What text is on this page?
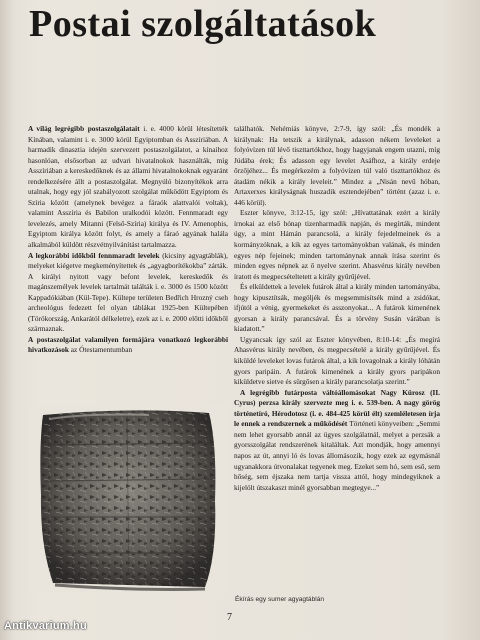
Postai szolgáltatások

A világ legrégibb postaszolgálatait i. e. 4000 körül létesítették Kínában, valamint i. e. 3000 körül Egyiptomban és Asszíriában. A harmadik dinasztia idején szervezett postaszolgálatot, a kínaihoz hasonlóan, elsősorban az udvari hivatalnokok használták, míg Asszíriában a kereskedőknek és az állami hivatalnokoknak egyaránt rendelkezésére állt a postaszolgálat. Megnyúló bizonyítékok arra utalnak, hogy egy jól szabályozott szolgálat működött Egyiptom és Szíria között (amelynek bevégez a fáraók alattvalói voltak), valamint Asszíria és Babilon uralkodói között. Fennmaradt egy levelezés, amely Mitanni (Felső-Szíria) királya és IV. Amenophis, Egyiptom királya között folyt, és amely a fáraó agyának halála alkalmából küldött részvétnyilvánítást tartalmazza.

A legkorábbi időkből fennmaradt levelek (kicsiny agyagtáblák), melyeket kiégetve megkeményítettek és „agyagborítékokba” zárták. A királyi nyitott vagy befont levelek, kereskedők és magánszemélyek levelek tartalmát találták i. e. 3000 és 1500 között Kappadókiában (Kül-Tepe). Kültepe területen Bedřich Hrozný cseh archeológus fedezett fel olyan táblákat 1925-ben Kültepében (Törökország, Ankarától délkeletre), ezek az i. e. 2000 előtti időkből származnak.

A postaszolgálat valamilyen formájára vonatkozó legkorábbi hivatkozások az Ótestamentumban

találhatók. Nehémiás könyve, 2:7-9, így szól: „És mondék a királynak: Ha tetszik a királynak, adasson nékem leveleket a folyóvízen túl lévő tiszttartókhoz, hogy hagyjanak engem utazni, míg Júdába érek; És adasson egy levelet Asáfhoz, a király erdeje őrzőjéhez... És megérkezém a folyóvízen túl való tiszttartókhoz és átadám nékik a király leveleit.” Mindez a „Nisán nevű hóban, Artaxerxes királyságnak huszadik esztendejében” történt (azaz i. e. 446 körül).

Eszter könyve, 3:12-15, így szól: „Hívattatának ezért a király írnokai az első hónap tizenharmadik napján, és megírták, mindent úgy, a mint Hámán parancsolá, a király fejedelmeinek és a kormányzóknak, a kik az egyes tartományokban valának, és minden egyes nép fejeinek; minden tartománynak annak írása szerint és minden egyes népnek az ő nyelve szerint. Ahasvérus király nevében íratott és megpecsételtetett a király gyűrűjével.

És elküldettek a levelek futárok által a király minden tartományába, hogy kipusztítsák, megöljék és megsemmisítsék mind a zsidókat, ifjútól a vénig, gyermekeket és asszonyokat... A futárok kimenének gyorsan a király parancsával. És a törvény Susán várában is kiadatott.”

Ugyancsak így szól az Eszter könyvében, 8:10-14: „És megírá Ahasvérus király nevében, és megpecsételé a király gyűrűjével. És kiküldé leveleket lovas futárok által, a kik lovagolnak a király lóhátán gyors paripáin. A futárok kimenének a király gyors paripákon kiküldetve sietve és sürgősen a király parancsolatja szerint.”

A legrégibb futárposta váltóállomásokat Nagy Kürosz (II. Cyrus) perzsa király szervezte meg i. e. 539-ben. A nagy görög történetíró, Hérodotosz (i. e. 484-425 körül élt) szemléletesen írja le ennek a rendszernek a működését Történeti könyveiben: „Semmi nem lehet gyorsabb annál az ügyes szolgálatnál, melyet a perzsák a gyorsszolgálat rendszerének kitaláltak. Azt mondják, hogy amennyi napos az út, annyi ló és lovas állomásozik, hogy ezek az egymásnál ugyanakkora útvonalakat tegyenek meg. Ezeket sem hó, sem eső, sem hőség, sem éjszaka nem tartja vissza attól, hogy mindegyiknek a kijelölt útszakaszt minél gyorsabban megtegye...”

Ékírás egy sumer agyagtáblán
7
Antikvarium.hu
